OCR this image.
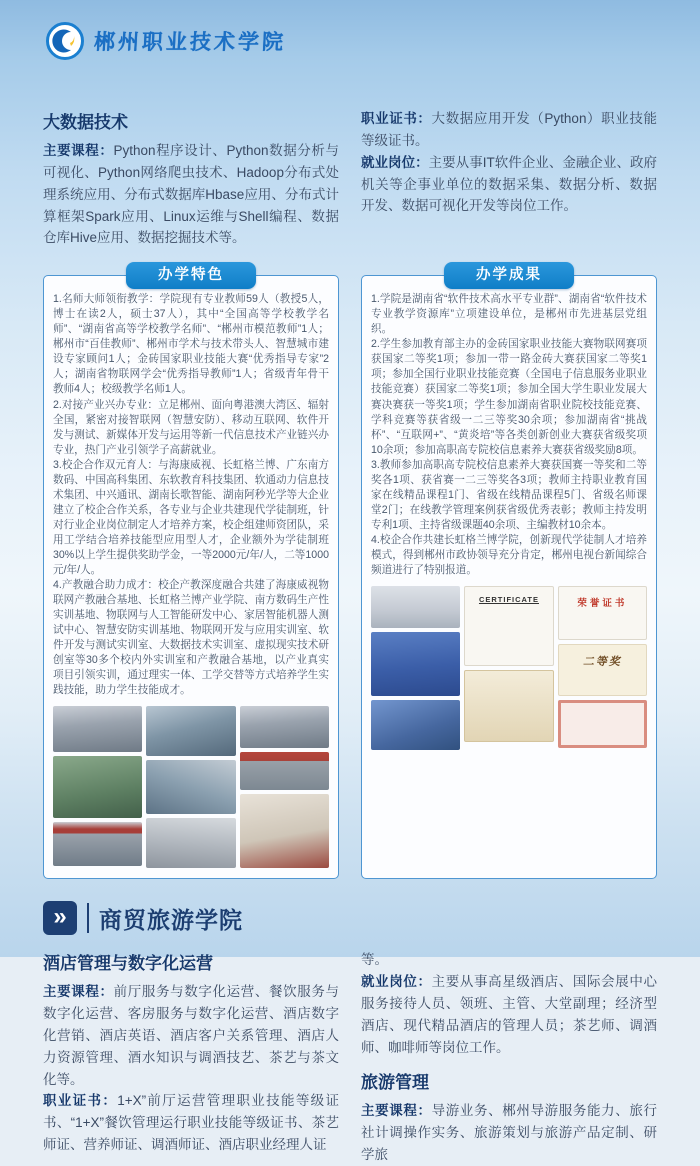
郴州职业技术学院
大数据技术

主要课程：Python程序设计、Python数据分析与可视化、Python网络爬虫技术、Hadoop分布式处理系统应用、分布式数据库Hbase应用、分布式计算框架Spark应用、Linux运维与Shell编程、数据仓库Hive应用、数据挖掘技术等。

职业证书：大数据应用开发（Python）职业技能等级证书。

就业岗位：主要从事IT软件企业、金融企业、政府机关等企事业单位的数据采集、数据分析、数据开发、数据可视化开发等岗位工作。

办学特色

1.名师大师领衔教学：学院现有专业教师59人（教授5人，博士在读2人，硕士37人），其中“全国高等学校教学名师”、“湖南省高等学校教学名师”、“郴州市模范教师”1人；郴州市“百佳教师”、郴州市学术与技术带头人、智慧城市建设专家顾问1人；金砖国家职业技能大赛“优秀指导专家”2人；湖南省物联网学会“优秀指导教师”1人；省级青年骨干教师4人；校级教学名师1人。

2.对接产业兴办专业：立足郴州、面向粤港澳大湾区、辐射全国，紧密对接智联网（智慧安防）、移动互联网、软件开发与测试、新媒体开发与运用等新一代信息技术产业链兴办专业，热门产业引领学子高薪就业。

3.校企合作双元育人：与海康威视、长虹格兰博、广东南方数码、中国高科集团、东软教育科技集团、软通动力信息技术集团、中兴通讯、湖南长歌智能、湖南阿秒光学等大企业建立了校企合作关系，各专业与企业共建现代学徒制班，针对行业企业岗位制定人才培养方案，校企组建师资团队，采用工学结合培养技能型应用型人才，企业额外为学徒制班30%以上学生提供奖助学金，一等2000元/年/人，二等1000元/年/人。

4.产教融合助力成才：校企产教深度融合共建了海康威视物联网产教融合基地、长虹格兰博产业学院、南方数码生产性实训基地、物联网与人工智能研发中心、家居智能机器人测试中心、智慧安防实训基地、物联网开发与应用实训室、软件开发与测试实训室、大数据技术实训室、虚拟现实技术研创室等30多个校内外实训室和产教融合基地，以产业真实项目引领实训，通过理实一体、工学交替等方式培养学生实践技能，助力学生技能成才。

办学成果

1.学院是湖南省“软件技术高水平专业群”、湖南省“软件技术专业教学资源库”立项建设单位，是郴州市先进基层党组织。

2.学生参加教育部主办的金砖国家职业技能大赛物联网赛项获国家二等奖1项；参加一带一路金砖大赛获国家二等奖1项；参加全国行业职业技能竞赛（全国电子信息服务业职业技能竞赛）获国家二等奖1项；参加全国大学生职业发展大赛决赛获一等奖1项；学生参加湖南省职业院校技能竞赛、学科竞赛等获省级一二三等奖30余项；参加湖南省“挑战杯”、“互联网+”、“黄炎培”等各类创新创业大赛获省级奖项10余项；参加高职高专院校信息素养大赛获省级奖励8项。

3.教师参加高职高专院校信息素养大赛获国赛一等奖和二等奖各1项、获省赛一二三等奖各3项；教师主持职业教育国家在线精品课程1门、省级在线精品课程5门、省级名师课堂2门；在线教学管理案例获省级优秀表彰；教师主持发明专利1项、主持省级课题40余项、主编教材10余本。

4.校企合作共建长虹格兰博学院，创新现代学徒制人才培养模式，得到郴州市政协领导充分肯定，郴州电视台新闻综合频道进行了特别报道。

CERTIFICATE	荣誉证书
二等奖
»	商贸旅游学院
酒店管理与数字化运营

主要课程：前厅服务与数字化运营、餐饮服务与数字化运营、客房服务与数字化运营、酒店数字化营销、酒店英语、酒店客户关系管理、酒店人力资源管理、酒水知识与调酒技艺、茶艺与茶文化等。

职业证书：1+X”前厅运营管理职业技能等级证书、“1+X”餐饮管理运行职业技能等级证书、茶艺师证、营养师证、调酒师证、酒店职业经理人证

等。

就业岗位：主要从事高星级酒店、国际会展中心服务接待人员、领班、主管、大堂副理；经济型酒店、现代精品酒店的管理人员；茶艺师、调酒师、咖啡师等岗位工作。

旅游管理

主要课程：导游业务、郴州导游服务能力、旅行社计调操作实务、旅游策划与旅游产品定制、研学旅
